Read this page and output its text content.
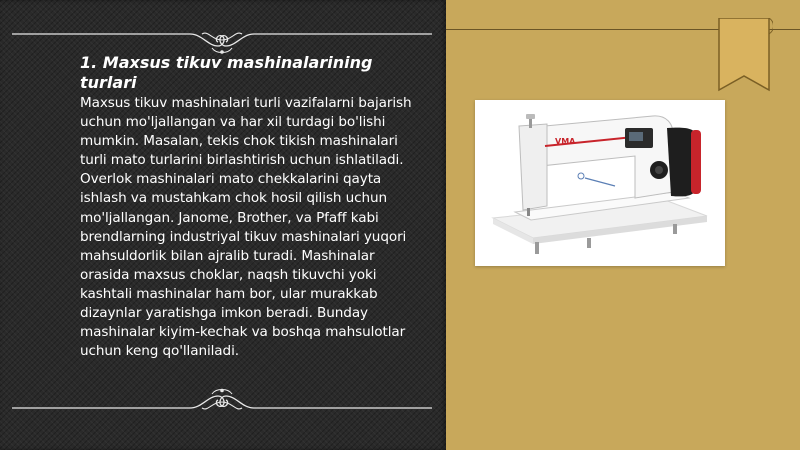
1. Maxsus tikuv mashinalarining turlari

Maxsus tikuv mashinalari turli vazifalarni bajarish uchun mo'ljallangan va har xil turdagi bo'lishi mumkin. Masalan, tekis chok tikish mashinalari turli mato turlarini birlashtirish uchun ishlatiladi. Overlok mashinalari mato chekkalarini qayta ishlash va mustahkam chok hosil qilish uchun mo'ljallangan. Janome, Brother, va Pfaff kabi brendlarning industriyal tikuv mashinalari yuqori mahsuldorlik bilan ajralib turadi. Mashinalar orasida maxsus choklar, naqsh tikuvchi yoki kashtali mashinalar ham bor, ular murakkab dizaynlar yaratishga imkon beradi. Bunday mashinalar kiyim-kechak va boshqa mahsulotlar uchun keng qo'llaniladi.

VMA
